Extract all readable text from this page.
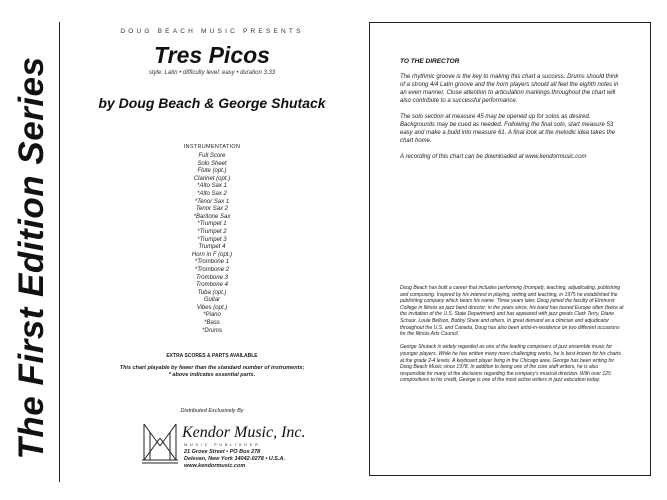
The First Edition Series
DOUG BEACH MUSIC PRESENTS
Tres Picos
style: Latin • difficulty level: easy • duration 3:33
by Doug Beach & George Shutack
INSTRUMENTATION
Full Score
Solo Sheet
Flute (opt.)
Clarinet (opt.)
*Alto Sax 1
*Alto Sax 2
*Tenor Sax 1
Tenor Sax 2
*Baritone Sax
*Trumpet 1
*Trumpet 2
*Trumpet 3
Trumpet 4
Horn in F (opt.)
*Trombone 1
*Trombone 2
Trombone 3
Trombone 4
Tuba (opt.)
Guitar
Vibes (opt.)
*Piano
*Bass
*Drums
EXTRA SCORES & PARTS AVAILABLE
This chart playable by fewer than the standard number of instruments;
* above indicates essential parts.
Distributed Exclusively By
Kendor Music, Inc.
MUSIC PUBLISHER
21 Grove Street • PO Box 278
Delevan, New York 14042-0278 • U.S.A.
www.kendormusic.com
TO THE DIRECTOR

The rhythmic groove is the key to making this chart a success. Drums should think of a strong 4/4 Latin groove and the horn players should all feel the eighth notes in an even manner. Close attention to articulation markings throughout the chart will also contribute to a successful performance.

The solo section at measure 45 may be opened up for solos as desired. Backgrounds may be cued as needed. Following the final solo, start measure 53 easy and make a build into measure 61. A final look at the melodic idea takes the chart home.

A recording of this chart can be downloaded at www.kendormusic.com

Doug Beach has built a career that includes performing (trumpet), teaching, adjudicating, publishing and composing. Inspired by his interest in playing, writing and teaching, in 1975 he established the publishing company which bears his name. Three years later, Doug joined the faculty of Elmhurst College in Illinois as jazz band director; in the years since, his band has toured Europe often (twice at the invitation of the U.S. State Department) and has appeared with jazz greats Clark Terry, Diane Schuur, Louie Bellson, Bobby Shew and others. In great demand as a clinician and adjudicator throughout the U.S. and Canada, Doug has also been artist-in-residence on two different occasions for the Illinois Arts Council.

George Shutack is widely regarded as one of the leading composers of jazz ensemble music for younger players. While he has written many more challenging works, he is best known for his charts at the grade 2-4 levels. A keyboard player living in the Chicago area, George has been writing for Doug Beach Music since 1978. In addition to being one of the core staff writers, he is also responsible for many of the decisions regarding the company's musical direction. With over 125 compositions to his credit, George is one of the most active writers in jazz education today.
